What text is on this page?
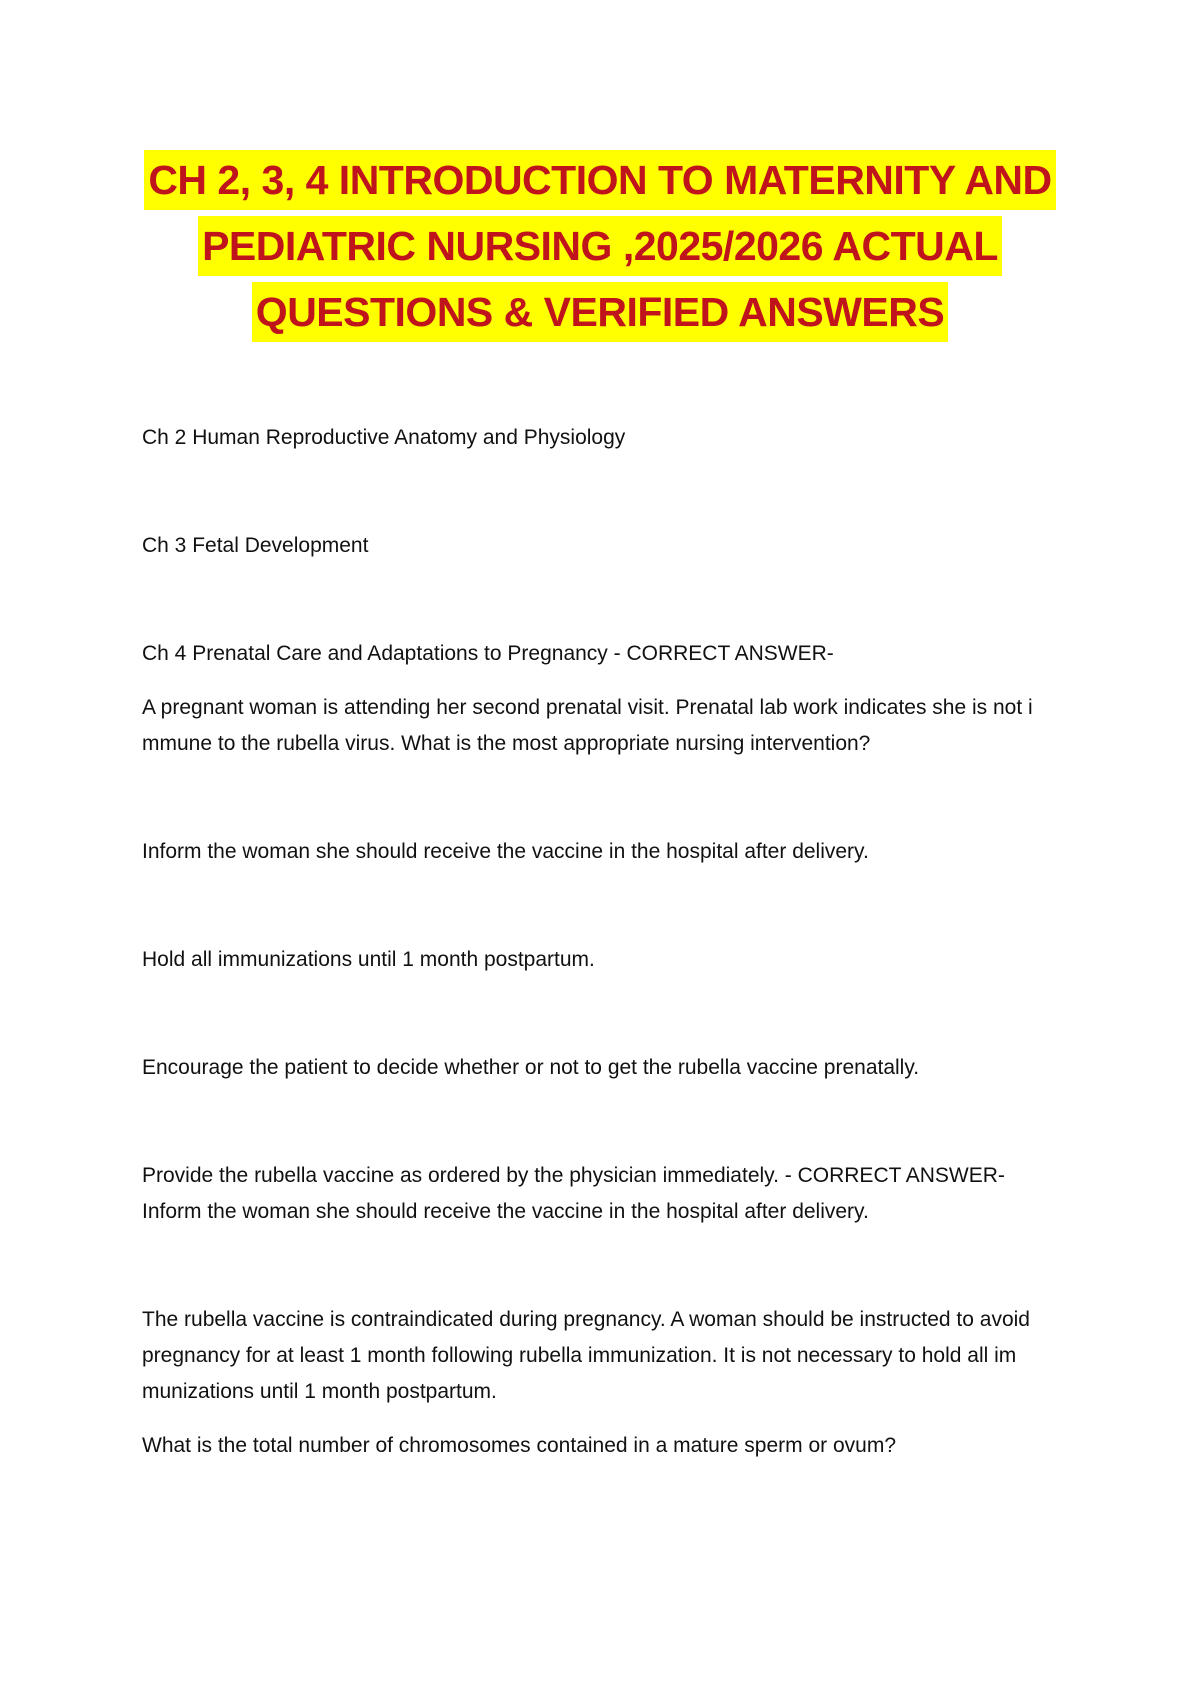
CH 2, 3, 4 INTRODUCTION TO MATERNITY AND
PEDIATRIC NURSING ,2025/2026 ACTUAL
QUESTIONS & VERIFIED ANSWERS

Ch 2 Human Reproductive Anatomy and Physiology

Ch 3 Fetal Development

Ch 4 Prenatal Care and Adaptations to Pregnancy - CORRECT ANSWER-

A pregnant woman is attending her second prenatal visit. Prenatal lab work indicates she is not i
mmune to the rubella virus. What is the most appropriate nursing intervention?

Inform the woman she should receive the vaccine in the hospital after delivery.

Hold all immunizations until 1 month postpartum.

Encourage the patient to decide whether or not to get the rubella vaccine prenatally.

Provide the rubella vaccine as ordered by the physician immediately. - CORRECT ANSWER-
Inform the woman she should receive the vaccine in the hospital after delivery.
The rubella vaccine is contraindicated during pregnancy. A woman should be instructed to avoid
pregnancy for at least 1 month following rubella immunization. It is not necessary to hold all im
munizations until 1 month postpartum.

What is the total number of chromosomes contained in a mature sperm or ovum?
